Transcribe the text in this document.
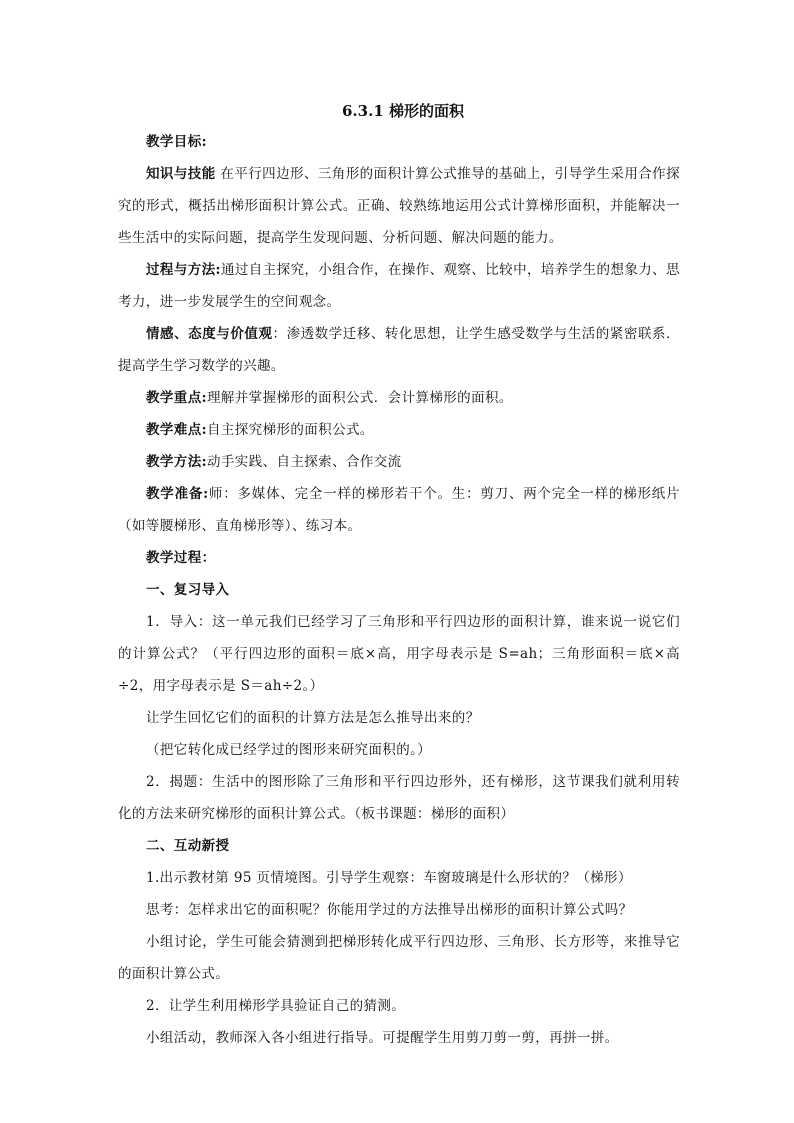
6.3.1 梯形的面积

教学目标:

知识与技能 在平行四边形、三角形的面积计算公式推导的基础上，引导学生采用合作探究的形式，概括出梯形面积计算公式。正确、较熟练地运用公式计算梯形面积，并能解决一些生活中的实际问题，提高学生发现问题、分析问题、解决问题的能力。

过程与方法:通过自主探究，小组合作，在操作、观察、比较中，培养学生的想象力、思考力，进一步发展学生的空间观念。

情感、态度与价值观：渗透数学迁移、转化思想，让学生感受数学与生活的紧密联系．提高学生学习数学的兴趣。

教学重点:理解并掌握梯形的面积公式．会计算梯形的面积。

教学难点:自主探究梯形的面积公式。

教学方法:动手实践、自主探索、合作交流

教学准备:师：多媒体、完全一样的梯形若干个。生：剪刀、两个完全一样的梯形纸片（如等腰梯形、直角梯形等）、练习本。

教学过程：

一、复习导入

1．导入：这一单元我们已经学习了三角形和平行四边形的面积计算，谁来说一说它们的计算公式？（平行四边形的面积＝底×高，用字母表示是 S=ah；三角形面积＝底×高÷2，用字母表示是 S＝ah÷2。）

让学生回忆它们的面积的计算方法是怎么推导出来的？

（把它转化成已经学过的图形来研究面积的。）

2．揭题：生活中的图形除了三角形和平行四边形外，还有梯形，这节课我们就利用转化的方法来研究梯形的面积计算公式。（板书课题：梯形的面积）

二、互动新授

1.出示教材第 95 页情境图。引导学生观察：车窗玻璃是什么形状的？（梯形）

思考：怎样求出它的面积呢？你能用学过的方法推导出梯形的面积计算公式吗？

小组讨论，学生可能会猜测到把梯形转化成平行四边形、三角形、长方形等，来推导它的面积计算公式。

2．让学生利用梯形学具验证自己的猜测。

小组活动，教师深入各小组进行指导。可提醒学生用剪刀剪一剪，再拼一拼。
